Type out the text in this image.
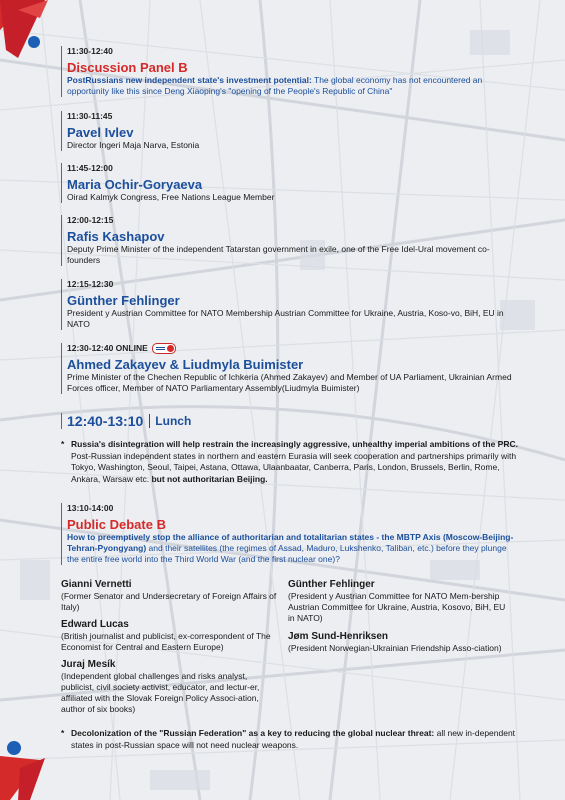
11:30-12:40
Discussion Panel B
PostRussians new independent state's investment potential: The global economy has not encountered an opportunity like this since Deng Xiaoping's "opening of the People's Republic of China"
11:30-11:45
Pavel Ivlev
Director Ingeri Maja Narva, Estonia
11:45-12:00
Maria Ochir-Goryaeva
Oirad Kalmyk Congress, Free Nations League Member
12:00-12:15
Rafis Kashapov
Deputy Prime Minister of the independent Tatarstan government in exile, one of the Free Idel-Ural movement co-founders
12:15-12:30
Günther Fehlinger
President y Austrian Committee for NATO Membership Austrian Committee for Ukraine, Austria, Koso-vo, BiH, EU in NATO
12:30-12:40 ONLINE
Ahmed Zakayev & Liudmyla Buimister
Prime Minister of the Chechen Republic of Ichkeria (Ahmed Zakayev) and Member of UA Parliament, Ukrainian Armed Forces officer, Member of NATO Parliamentary Assembly(Liudmyla Buimister)
12:40-13:10	Lunch
* Russia's disintegration will help restrain the increasingly aggressive, unhealthy imperial ambitions of the PRC. Post-Russian independent states in northern and eastern Eurasia will seek cooperation and partnerships primarily with Tokyo, Washington, Seoul, Taipei, Astana, Ottawa, Ulaanbaatar, Canberra, Paris, London, Brussels, Berlin, Rome, Ankara, Warsaw etc. but not authoritarian Beijing.
13:10-14:00
Public Debate B
How to preemptively stop the alliance of authoritarian and totalitarian states - the MBTP Axis (Moscow-Beijing-Tehran-Pyongyang) and their satellites (the regimes of Assad, Maduro, Lukshenko, Taliban, etc.) before they plunge the entire free world into the Third World War (and the first nuclear one)?
Gianni Vernetti
(Former Senator and Undersecretary of Foreign Affairs of Italy)
Edward Lucas
(British journalist and publicist, ex-correspondent of The Economist for Central and Eastern Europe)
Juraj Mesík
(Independent global challenges and risks analyst, publicist, civil society activist, educator, and lectur-er, affiliated with the Slovak Foreign Policy Associ-ation, author of six books)
Günther Fehlinger
(President y Austrian Committee for NATO Mem-bership Austrian Committee for Ukraine, Austria, Kosovo, BiH, EU in NATO)
Jøm Sund-Henriksen
(President Norwegian-Ukrainian Friendship Asso-ciation)
* Decolonization of the "Russian Federation" as a key to reducing the global nuclear threat: all new in-dependent states in post-Russian space will not need nuclear weapons.
